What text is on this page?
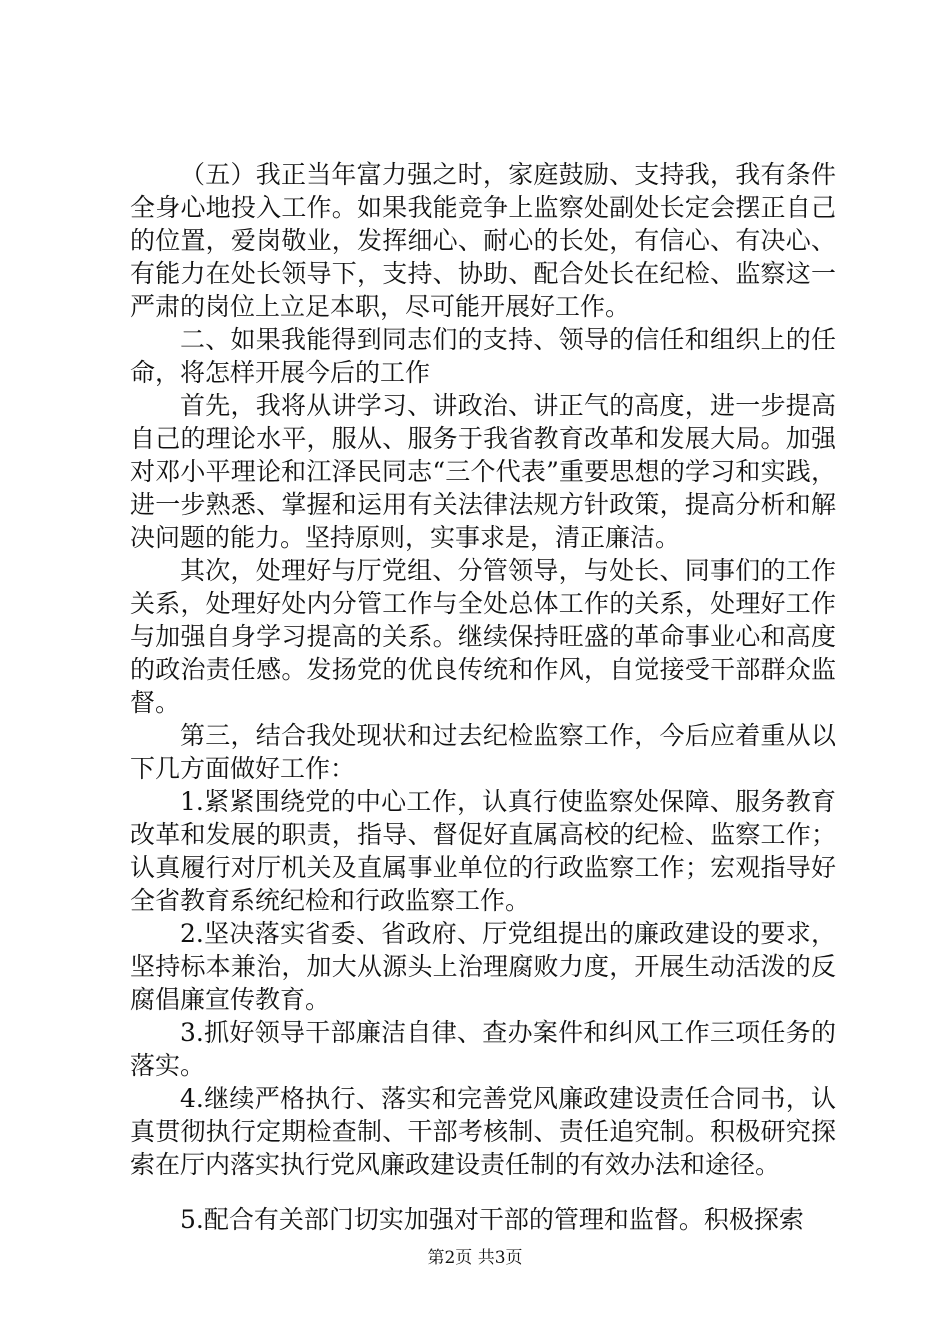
（五）我正当年富力强之时，家庭鼓励、支持我，我有条件全身心地投入工作。如果我能竞争上监察处副处长定会摆正自己的位置，爱岗敬业，发挥细心、耐心的长处，有信心、有决心、有能力在处长领导下，支持、协助、配合处长在纪检、监察这一严肃的岗位上立足本职，尽可能开展好工作。

二、如果我能得到同志们的支持、领导的信任和组织上的任命，将怎样开展今后的工作

首先，我将从讲学习、讲政治、讲正气的高度，进一步提高自己的理论水平，服从、服务于我省教育改革和发展大局。加强对邓小平理论和江泽民同志“三个代表”重要思想的学习和实践，进一步熟悉、掌握和运用有关法律法规方针政策，提高分析和解决问题的能力。坚持原则，实事求是，清正廉洁。

其次，处理好与厅党组、分管领导，与处长、同事们的工作关系，处理好处内分管工作与全处总体工作的关系，处理好工作与加强自身学习提高的关系。继续保持旺盛的革命事业心和高度的政治责任感。发扬党的优良传统和作风，自觉接受干部群众监督。

第三，结合我处现状和过去纪检监察工作，今后应着重从以下几方面做好工作：

1.紧紧围绕党的中心工作，认真行使监察处保障、服务教育改革和发展的职责，指导、督促好直属高校的纪检、监察工作；认真履行对厅机关及直属事业单位的行政监察工作；宏观指导好全省教育系统纪检和行政监察工作。

2.坚决落实省委、省政府、厅党组提出的廉政建设的要求，坚持标本兼治，加大从源头上治理腐败力度，开展生动活泼的反腐倡廉宣传教育。

3.抓好领导干部廉洁自律、查办案件和纠风工作三项任务的落实。

4.继续严格执行、落实和完善党风廉政建设责任合同书，认真贯彻执行定期检查制、干部考核制、责任追究制。积极研究探索在厅内落实执行党风廉政建设责任制的有效办法和途径。

5.配合有关部门切实加强对干部的管理和监督。积极探索

第2页 共3页
